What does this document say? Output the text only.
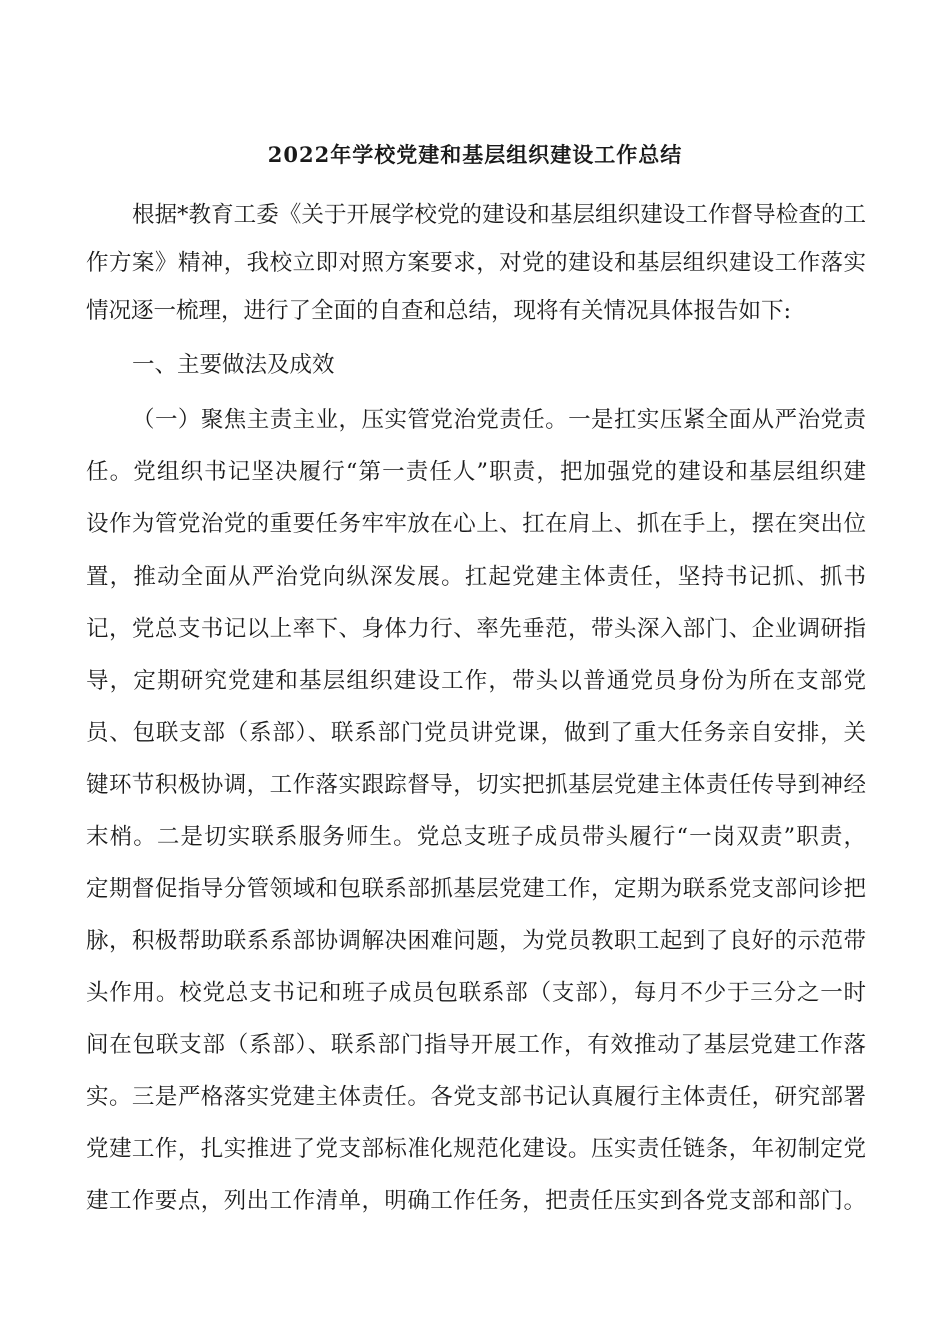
2022年学校党建和基层组织建设工作总结
根据*教育工委《关于开展学校党的建设和基层组织建设工作督导检查的工
作方案》精神，我校立即对照方案要求，对党的建设和基层组织建设工作落实
情况逐一梳理，进行了全面的自查和总结，现将有关情况具体报告如下:
一、主要做法及成效
（一）聚焦主责主业，压实管党治党责任。一是扛实压紧全面从严治党责
任。党组织书记坚决履行“第一责任人”职责，把加强党的建设和基层组织建
设作为管党治党的重要任务牢牢放在心上、扛在肩上、抓在手上，摆在突出位
置，推动全面从严治党向纵深发展。扛起党建主体责任，坚持书记抓、抓书
记，党总支书记以上率下、身体力行、率先垂范，带头深入部门、企业调研指
导，定期研究党建和基层组织建设工作，带头以普通党员身份为所在支部党
员、包联支部（系部）、联系部门党员讲党课，做到了重大任务亲自安排，关
键环节积极协调，工作落实跟踪督导，切实把抓基层党建主体责任传导到神经
末梢。二是切实联系服务师生。党总支班子成员带头履行“一岗双责”职责，
定期督促指导分管领域和包联系部抓基层党建工作，定期为联系党支部问诊把
脉，积极帮助联系系部协调解决困难问题，为党员教职工起到了良好的示范带
头作用。校党总支书记和班子成员包联系部（支部），每月不少于三分之一时
间在包联支部（系部）、联系部门指导开展工作，有效推动了基层党建工作落
实。三是严格落实党建主体责任。各党支部书记认真履行主体责任，研究部署
党建工作，扎实推进了党支部标准化规范化建设。压实责任链条，年初制定党
建工作要点，列出工作清单，明确工作任务，把责任压实到各党支部和部门。
